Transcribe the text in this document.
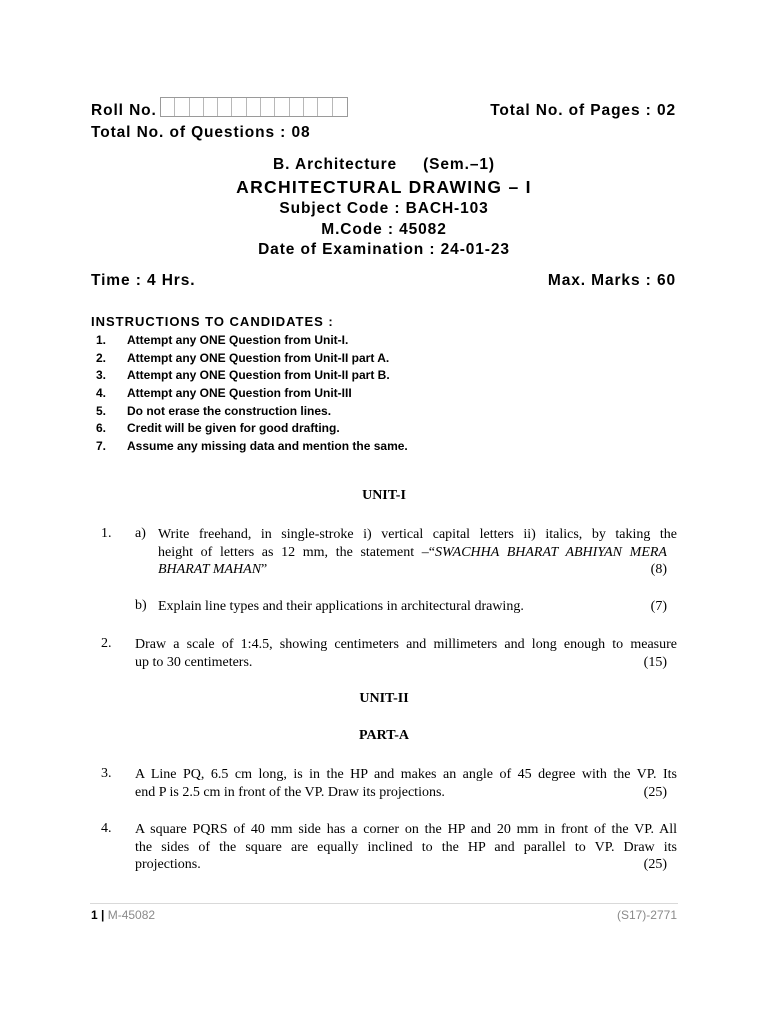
Roll No.	Total No. of Pages : 02
Total No. of Questions : 08
B. Architecture     (Sem.–1)
ARCHITECTURAL DRAWING – I
Subject Code : BACH-103
M.Code : 45082
Date of Examination : 24-01-23
Time : 4 Hrs.	Max. Marks : 60
INSTRUCTIONS TO CANDIDATES :
1.	Attempt any ONE Question from Unit-I.
2.	Attempt any ONE Question from Unit-II part A.
3.	Attempt any ONE Question from Unit-II part B.
4.	Attempt any ONE Question from Unit-III
5.	Do not erase the construction lines.
6.	Credit will be given for good drafting.
7.	Assume any missing data and mention the same.
UNIT-I
1. a) Write freehand, in single-stroke i) vertical capital letters ii) italics, by taking the
height of letters as 12 mm, the statement –“SWACHHA BHARAT ABHIYAN MERA
BHARAT MAHAN”	(8)
b) Explain line types and their applications in architectural drawing.	(7)
2. Draw a scale of 1:4.5, showing centimeters and millimeters and long enough to measure
up to 30 centimeters.	(15)
UNIT-II
PART-A
3. A Line PQ, 6.5 cm long, is in the HP and makes an angle of 45 degree with the VP. Its
end P is 2.5 cm in front of the VP. Draw its projections.	(25)
4. A square PQRS of 40 mm side has a corner on the HP and 20 mm in front of the VP. All
the sides of the square are equally inclined to the HP and parallel to VP. Draw its
projections.	(25)
1 | M-45082	(S17)-2771
